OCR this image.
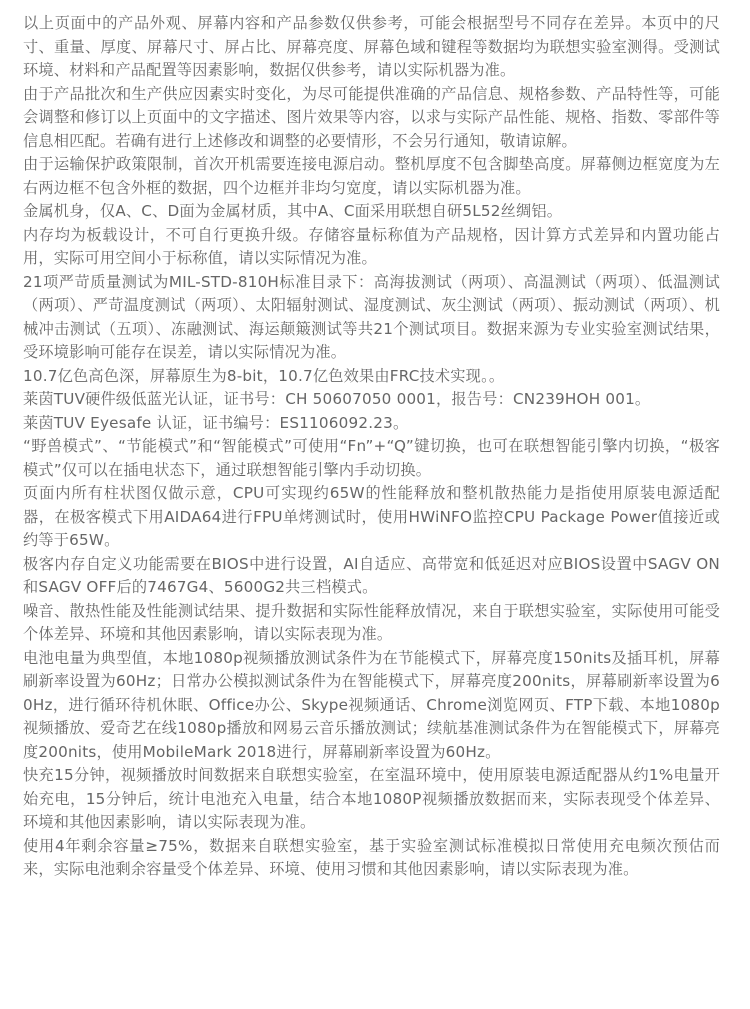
以上页面中的产品外观、屏幕内容和产品参数仅供参考，可能会根据型号不同存在差异。本页中的尺寸、重量、厚度、屏幕尺寸、屏占比、屏幕亮度、屏幕色域和键程等数据均为联想实验室测得。受测试环境、材料和产品配置等因素影响，数据仅供参考，请以实际机器为准。

由于产品批次和生产供应因素实时变化，为尽可能提供准确的产品信息、规格参数、产品特性等，可能会调整和修订以上页面中的文字描述、图片效果等内容，以求与实际产品性能、规格、指数、零部件等信息相匹配。若确有进行上述修改和调整的必要情形，不会另行通知，敬请谅解。

由于运输保护政策限制，首次开机需要连接电源启动。整机厚度不包含脚垫高度。屏幕侧边框宽度为左右两边框不包含外框的数据，四个边框并非均匀宽度，请以实际机器为准。

金属机身，仅A、C、D面为金属材质，其中A、C面采用联想自研5L52丝绸铝。

内存均为板载设计，不可自行更换升级。存储容量标称值为产品规格，因计算方式差异和内置功能占用，实际可用空间小于标称值，请以实际情况为准。

21项严苛质量测试为MIL-STD-810H标准目录下：高海拔测试（两项）、高温测试（两项）、低温测试（两项）、严苛温度测试（两项）、太阳辐射测试、湿度测试、灰尘测试（两项）、振动测试（两项）、机械冲击测试（五项）、冻融测试、海运颠簸测试等共21个测试项目。数据来源为专业实验室测试结果，受环境影响可能存在误差，请以实际情况为准。

10.7亿色高色深，屏幕原生为8-bit，10.7亿色效果由FRC技术实现。。

莱茵TUV硬件级低蓝光认证，证书号：CH 50607050 0001，报告号：CN239HOH 001。

莱茵TUV Eyesafe 认证，证书编号：ES1106092.23。

“野兽模式”、“节能模式”和“智能模式”可使用“Fn”+“Q”键切换，也可在联想智能引擎内切换，“极客模式”仅可以在插电状态下，通过联想智能引擎内手动切换。

页面内所有柱状图仅做示意，CPU可实现约65W的性能释放和整机散热能力是指使用原装电源适配器，在极客模式下用AIDA64进行FPU单烤测试时，使用HWiNFO监控CPU Package Power值接近或约等于65W。

极客内存自定义功能需要在BIOS中进行设置，AI自适应、高带宽和低延迟对应BIOS设置中SAGV ON和SAGV OFF后的7467G4、5600G2共三档模式。

噪音、散热性能及性能测试结果、提升数据和实际性能释放情况，来自于联想实验室，实际使用可能受个体差异、环境和其他因素影响，请以实际表现为准。

电池电量为典型值，本地1080p视频播放测试条件为在节能模式下，屏幕亮度150nits及插耳机，屏幕刷新率设置为60Hz；日常办公模拟测试条件为在智能模式下，屏幕亮度200nits，屏幕刷新率设置为60Hz，进行循环待机休眠、Office办公、Skype视频通话、Chrome浏览网页、FTP下载、本地1080p视频播放、爱奇艺在线1080p播放和网易云音乐播放测试；续航基准测试条件为在智能模式下，屏幕亮度200nits，使用MobileMark 2018进行，屏幕刷新率设置为60Hz。

快充15分钟，视频播放时间数据来自联想实验室，在室温环境中，使用原装电源适配器从约1%电量开始充电，15分钟后，统计电池充入电量，结合本地1080P视频播放数据而来，实际表现受个体差异、环境和其他因素影响，请以实际表现为准。

使用4年剩余容量≥75%，数据来自联想实验室，基于实验室测试标准模拟日常使用充电频次预估而来，实际电池剩余容量受个体差异、环境、使用习惯和其他因素影响，请以实际表现为准。
